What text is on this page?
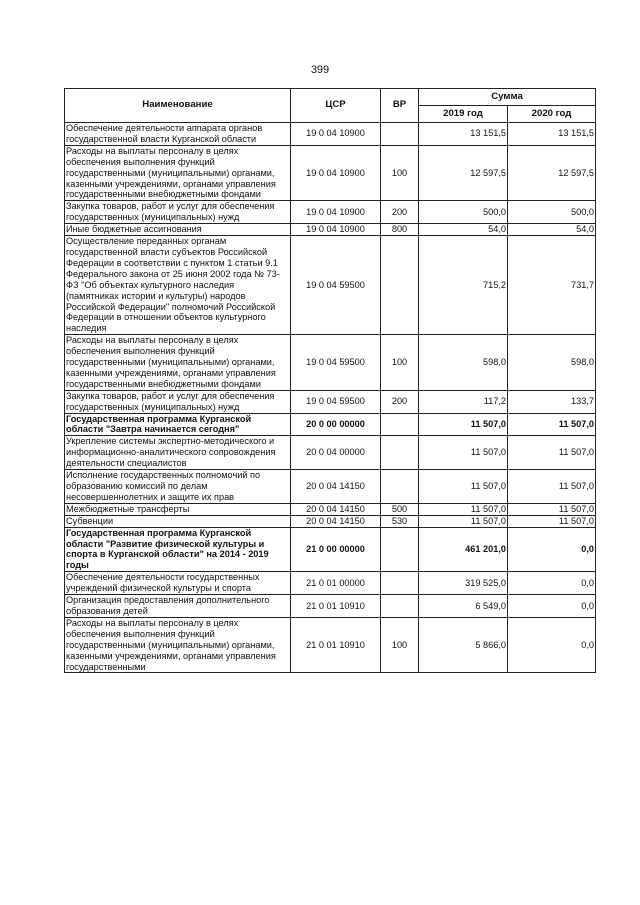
399
Наименование	ЦСР	ВР	Сумма	
			2019 год	2020 год
Обеспечение деятельности аппарата органов государственной власти Курганской области	19 0 04 10900		13 151,5	13 151,5
Расходы на выплаты персоналу в целях обеспечения выполнения функций государственными (муниципальными) органами, казенными учреждениями, органами управления государственными внебюджетными фондами	19 0 04 10900	100	12 597,5	12 597,5
Закупка товаров, работ и услуг для обеспечения государственных (муниципальных) нужд	19 0 04 10900	200	500,0	500,0
Иные бюджетные ассигнования	19 0 04 10900	800	54,0	54,0
Осуществление переданных органам государственной власти субъектов Российской Федерации в соответствии с пунктом 1 статьи 9.1 Федерального закона от 25 июня 2002 года № 73-ФЗ "Об объектах культурного наследия (памятниках истории и культуры) народов Российской Федерации" полномочий Российской Федерации в отношении объектов культурного наследия	19 0 04 59500		715,2	731,7
Расходы на выплаты персоналу в целях обеспечения выполнения функций государственными (муниципальными) органами, казенными учреждениями, органами управления государственными внебюджетными фондами	19 0 04 59500	100	598,0	598,0
Закупка товаров, работ и услуг для обеспечения государственных (муниципальных) нужд	19 0 04 59500	200	117,2	133,7
Государственная программа Курганской области "Завтра начинается сегодня"	20 0 00 00000		11 507,0	11 507,0
Укрепление системы экспертно-методического и информационно-аналитического сопровождения деятельности специалистов	20 0 04 00000		11 507,0	11 507,0
Исполнение государственных полномочий по образованию комиссий по делам несовершеннолетних и защите их прав	20 0 04 14150		11 507,0	11 507,0
Межбюджетные трансферты	20 0 04 14150	500	11 507,0	11 507,0
Субвенции	20 0 04 14150	530	11 507,0	11 507,0
Государственная программа Курганской области "Развитие физической культуры и спорта в Курганской области" на 2014 - 2019 годы	21 0 00 00000		461 201,0	0,0
Обеспечение деятельности государственных учреждений физической культуры и спорта	21 0 01 00000		319 525,0	0,0
Организация предоставления дополнительного образования детей	21 0 01 10910		6 549,0	0,0
Расходы на выплаты персоналу в целях обеспечения выполнения функций государственными (муниципальными) органами, казенными учреждениями, органами управления государственными	21 0 01 10910	100	5 866,0	0,0
